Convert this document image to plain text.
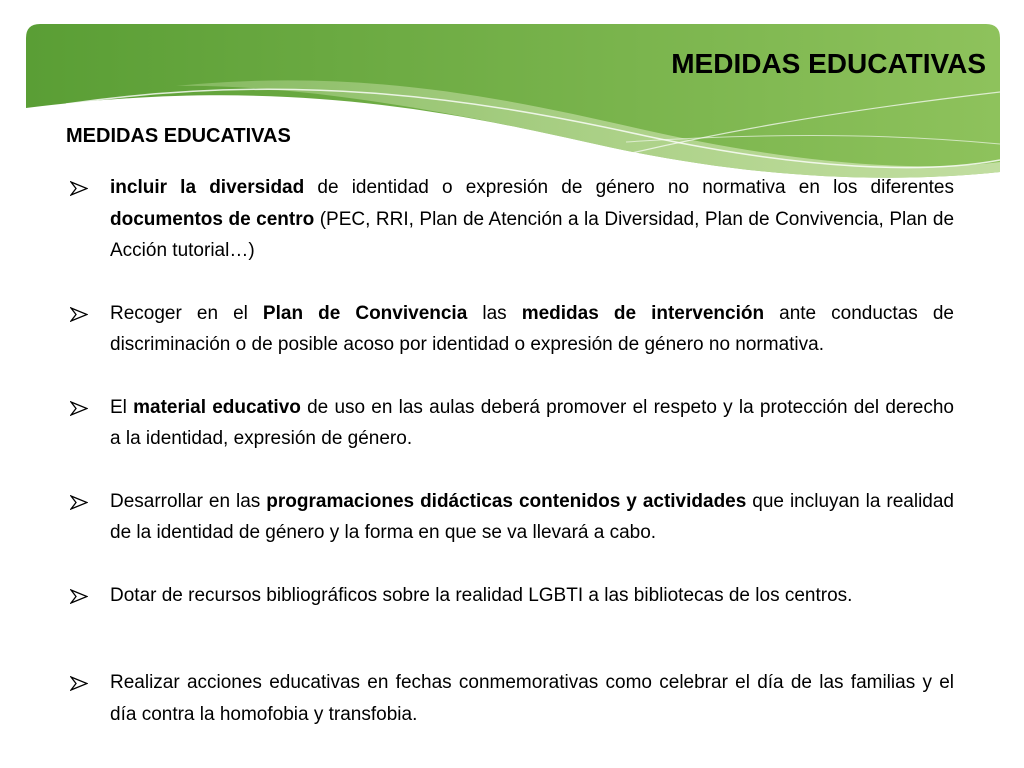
MEDIDAS EDUCATIVAS
MEDIDAS EDUCATIVAS
incluir la diversidad de identidad o expresión de género no normativa en los diferentes documentos de centro (PEC, RRI, Plan de Atención a la Diversidad, Plan de Convivencia, Plan de Acción tutorial…)
Recoger en el Plan de Convivencia las medidas de intervención ante conductas de discriminación o de posible acoso por identidad o expresión de género no normativa.
El material educativo de uso en las aulas deberá promover el respeto y la protección del derecho a la identidad, expresión de género.
Desarrollar en las programaciones didácticas contenidos y actividades que incluyan la realidad de la identidad de género y la forma en que se va llevará a cabo.
Dotar de recursos bibliográficos sobre la realidad LGBTI a las bibliotecas de los centros.
Realizar acciones educativas en fechas conmemorativas como celebrar el día de las familias y el día contra la homofobia y transfobia.
